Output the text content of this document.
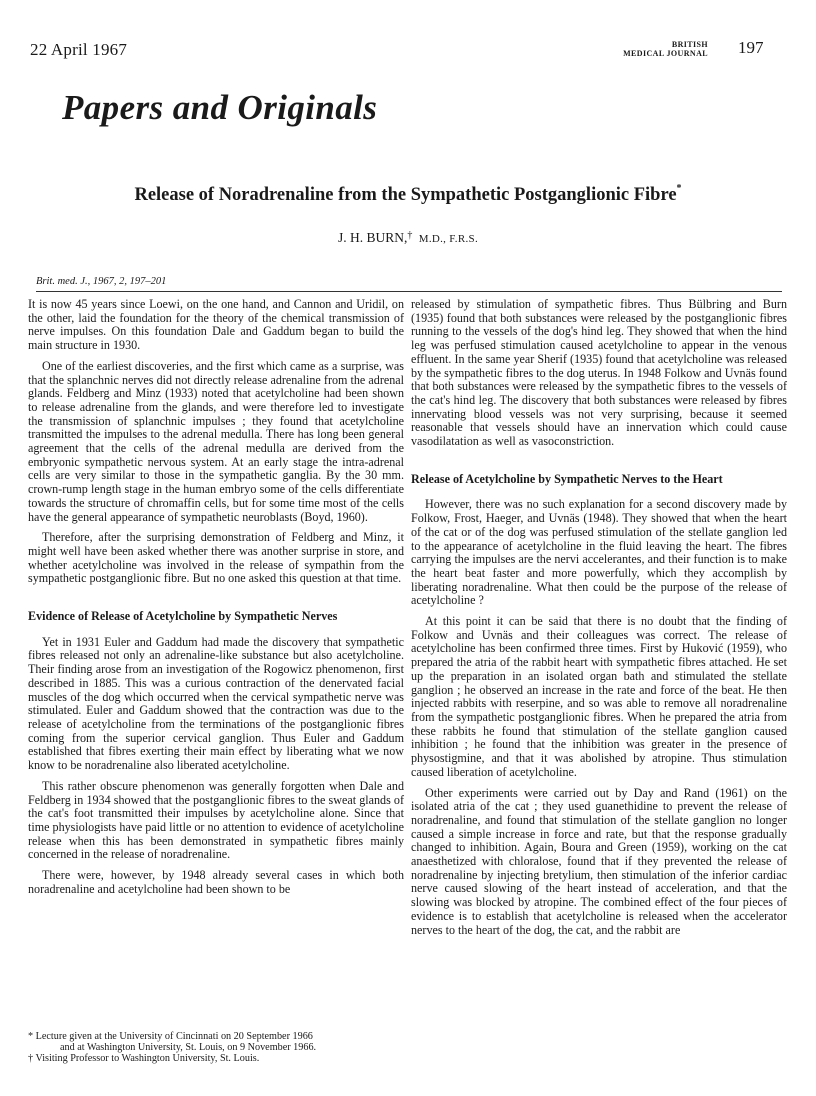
22 April 1967	BRITISH
MEDICAL JOURNAL 197
Papers and Originals
Release of Noradrenaline from the Sympathetic Postganglionic Fibre*
J. H. BURN,† M.D., F.R.S.
Brit. med. J., 1967, 2, 197–201

It is now 45 years since Loewi, on the one hand, and Cannon and Uridil, on the other, laid the foundation for the theory of the chemical transmission of nerve impulses. On this foundation Dale and Gaddum began to build the main structure in 1930.

One of the earliest discoveries, and the first which came as a surprise, was that the splanchnic nerves did not directly release adrenaline from the adrenal glands. Feldberg and Minz (1933) noted that acetylcholine had been shown to release adrenaline from the glands, and were therefore led to investigate the transmission of splanchnic impulses ; they found that acetylcholine transmitted the impulses to the adrenal medulla. There has long been general agreement that the cells of the adrenal medulla are derived from the embryonic sympathetic nervous system. At an early stage the intra-adrenal cells are very similar to those in the sympathetic ganglia. By the 30 mm. crown-rump length stage in the human embryo some of the cells differentiate towards the structure of chromaffin cells, but for some time most of the cells have the general appearance of sympathetic neuroblasts (Boyd, 1960).

Therefore, after the surprising demonstration of Feldberg and Minz, it might well have been asked whether there was another surprise in store, and whether acetylcholine was involved in the release of sympathin from the sympathetic postganglionic fibre. But no one asked this question at that time.

Evidence of Release of Acetylcholine by Sympathetic Nerves

Yet in 1931 Euler and Gaddum had made the discovery that sympathetic fibres released not only an adrenaline-like substance but also acetylcholine. Their finding arose from an investigation of the Rogowicz phenomenon, first described in 1885. This was a curious contraction of the denervated facial muscles of the dog which occurred when the cervical sympathetic nerve was stimulated. Euler and Gaddum showed that the contraction was due to the release of acetylcholine from the terminations of the postganglionic fibres coming from the superior cervical ganglion. Thus Euler and Gaddum established that fibres exerting their main effect by liberating what we now know to be noradrenaline also liberated acetylcholine.

This rather obscure phenomenon was generally forgotten when Dale and Feldberg in 1934 showed that the postganglionic fibres to the sweat glands of the cat's foot transmitted their impulses by acetylcholine alone. Since that time physiologists have paid little or no attention to evidence of acetylcholine release when this has been demonstrated in sympathetic fibres mainly concerned in the release of noradrenaline.

There were, however, by 1948 already several cases in which both noradrenaline and acetylcholine had been shown to be

* Lecture given at the University of Cincinnati on 20 September 1966
and at Washington University, St. Louis, on 9 November 1966.
† Visiting Professor to Washington University, St. Louis.

released by stimulation of sympathetic fibres. Thus Bülbring and Burn (1935) found that both substances were released by the postganglionic fibres running to the vessels of the dog's hind leg. They showed that when the hind leg was perfused stimulation caused acetylcholine to appear in the venous effluent. In the same year Sherif (1935) found that acetylcholine was released by the sympathetic fibres to the dog uterus. In 1948 Folkow and Uvnäs found that both substances were released by the sympathetic fibres to the vessels of the cat's hind leg. The discovery that both substances were released by fibres innervating blood vessels was not very surprising, because it seemed reasonable that vessels should have an innervation which could cause vasodilatation as well as vasoconstriction.

Release of Acetylcholine by Sympathetic Nerves to the Heart

However, there was no such explanation for a second discovery made by Folkow, Frost, Haeger, and Uvnäs (1948). They showed that when the heart of the cat or of the dog was perfused stimulation of the stellate ganglion led to the appearance of acetylcholine in the fluid leaving the heart. The fibres carrying the impulses are the nervi accelerantes, and their function is to make the heart beat faster and more powerfully, which they accomplish by liberating noradrenaline. What then could be the purpose of the release of acetylcholine ?

At this point it can be said that there is no doubt that the finding of Folkow and Uvnäs and their colleagues was correct. The release of acetylcholine has been confirmed three times. First by Huković (1959), who prepared the atria of the rabbit heart with sympathetic fibres attached. He set up the preparation in an isolated organ bath and stimulated the stellate ganglion ; he observed an increase in the rate and force of the beat. He then injected rabbits with reserpine, and so was able to remove all noradrenaline from the sympathetic postganglionic fibres. When he prepared the atria from these rabbits he found that stimulation of the stellate ganglion caused inhibition ; he found that the inhibition was greater in the presence of physostigmine, and that it was abolished by atropine. Thus stimulation caused liberation of acetylcholine.

Other experiments were carried out by Day and Rand (1961) on the isolated atria of the cat ; they used guanethidine to prevent the release of noradrenaline, and found that stimulation of the stellate ganglion no longer caused a simple increase in force and rate, but that the response gradually changed to inhibition. Again, Boura and Green (1959), working on the cat anaesthetized with chloralose, found that if they prevented the release of noradrenaline by injecting bretylium, then stimulation of the inferior cardiac nerve caused slowing of the heart instead of acceleration, and that the slowing was blocked by atropine. The combined effect of the four pieces of evidence is to establish that acetylcholine is released when the accelerator nerves to the heart of the dog, the cat, and the rabbit are
